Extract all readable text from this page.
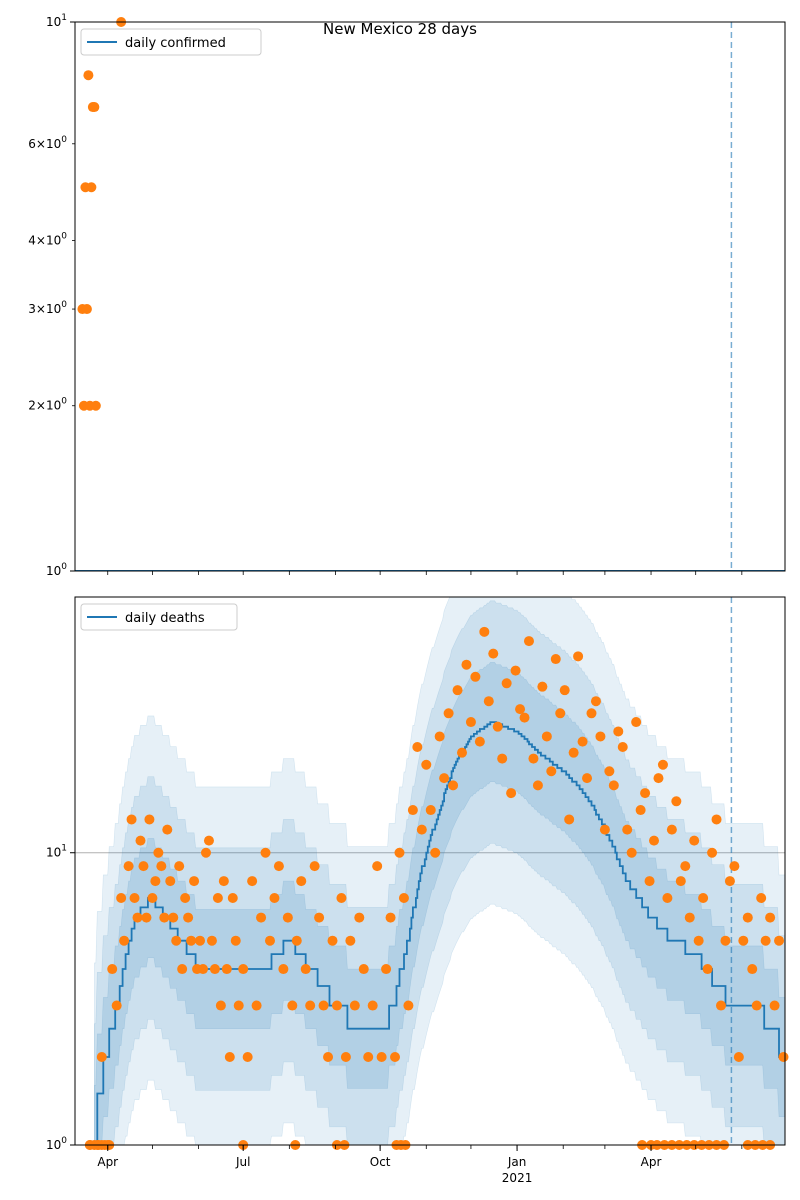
New Mexico 28 days
$10^0$
$10^1$
$2\times 10^0$
$3\times 10^0$
$4\times 10^0$
$6\times 10^0$
daily confirmed
$10^0$
$10^1$
Apr	Jul	Oct	Jan
2021
Apr
daily deaths
